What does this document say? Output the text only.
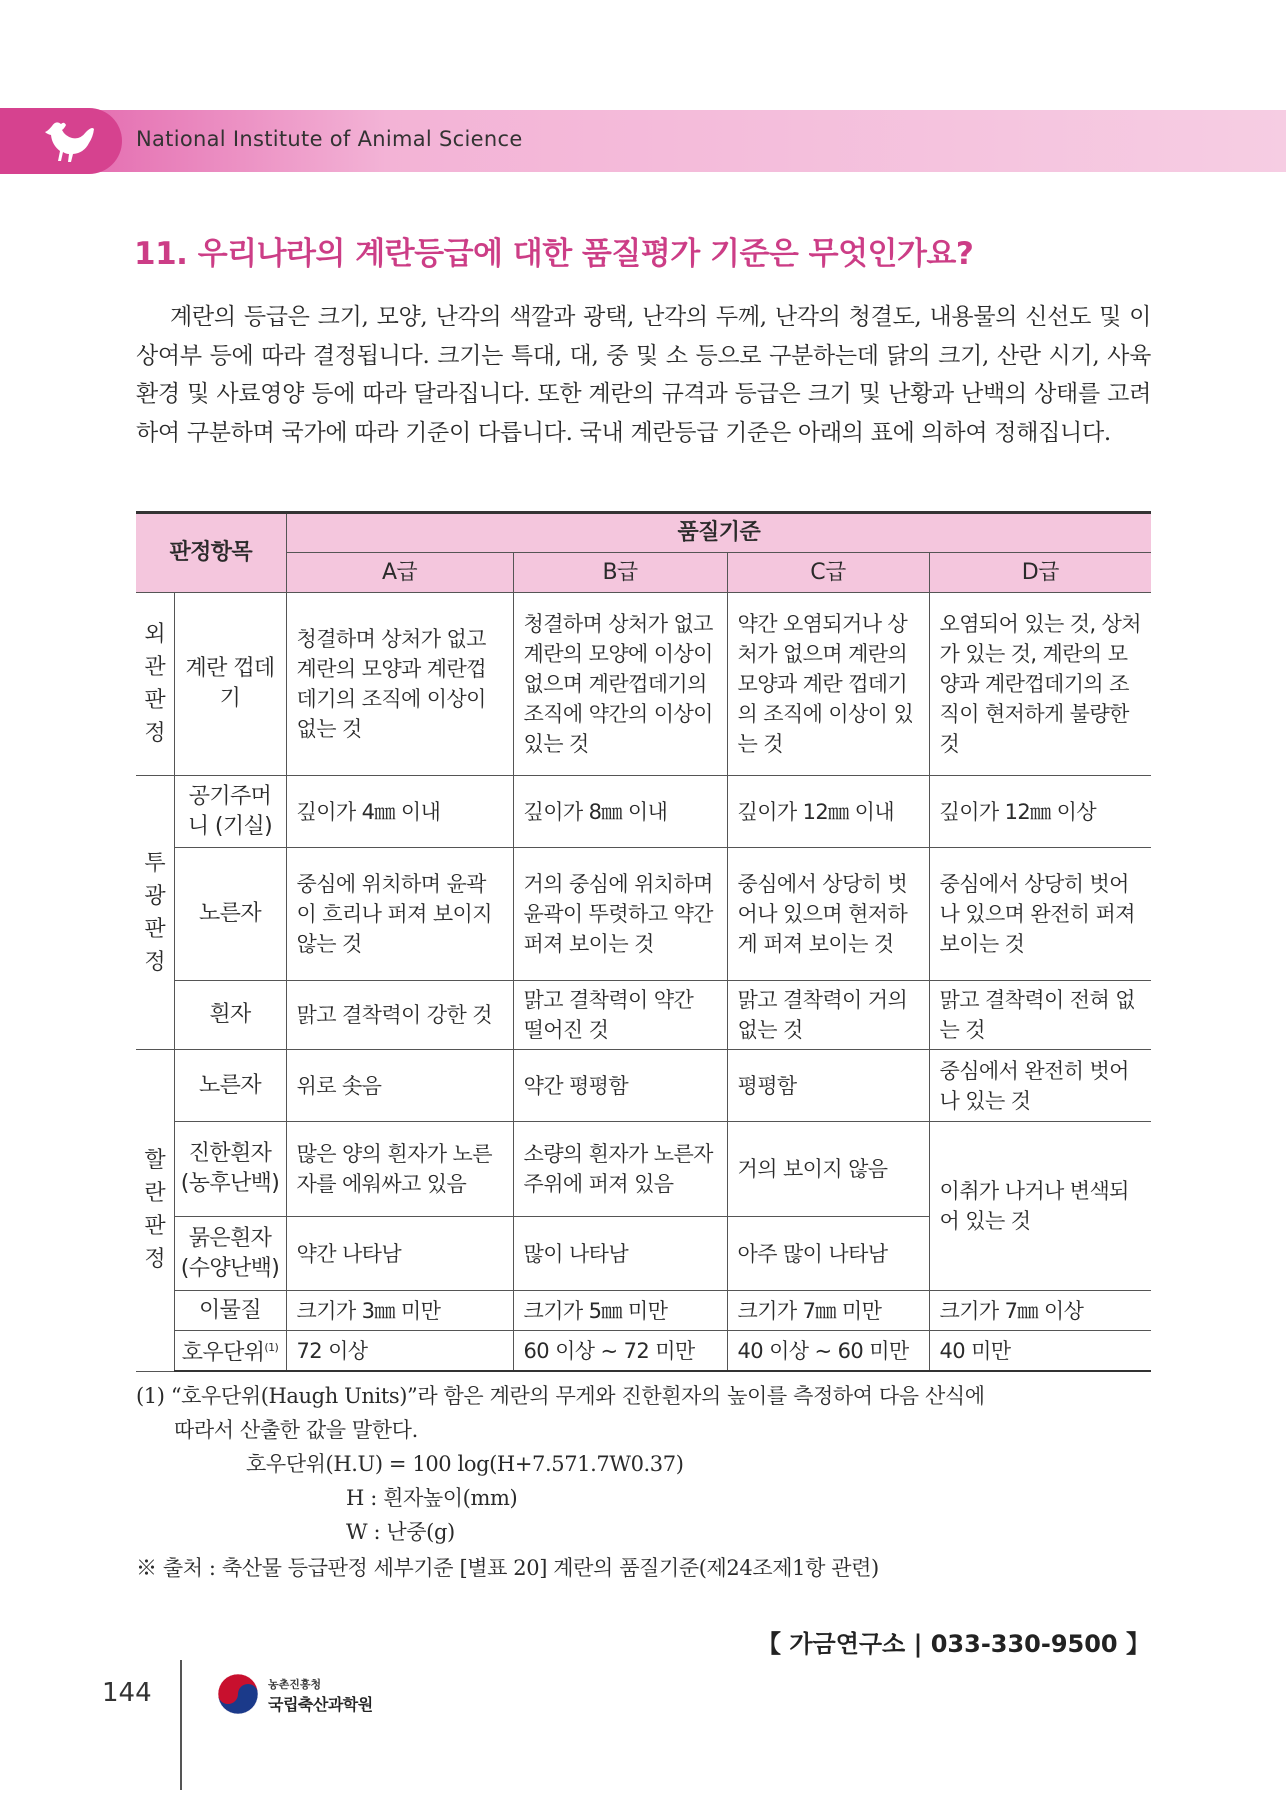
National Institute of Animal Science
11. 우리나라의 계란등급에 대한 품질평가 기준은 무엇인가요?

계란의 등급은 크기, 모양, 난각의 색깔과 광택, 난각의 두께, 난각의 청결도, 내용물의 신선도 및 이상여부 등에 따라 결정됩니다. 크기는 특대, 대, 중 및 소 등으로 구분하는데 닭의 크기, 산란 시기, 사육환경 및 사료영양 등에 따라 달라집니다. 또한 계란의 규격과 등급은 크기 및 난황과 난백의 상태를 고려하여 구분하며 국가에 따라 기준이 다릅니다. 국내 계란등급 기준은 아래의 표에 의하여 정해집니다.

판정항목		품질기준			
		A급	B급	C급	D급
외관판정	계란 껍데기	청결하며 상처가 없고 계란의 모양과 계란껍데기의 조직에 이상이 없는 것	청결하며 상처가 없고 계란의 모양에 이상이 없으며 계란껍데기의 조직에 약간의 이상이 있는 것	약간 오염되거나 상처가 없으며 계란의 모양과 계란 껍데기의 조직에 이상이 있는 것	오염되어 있는 것, 상처가 있는 것, 계란의 모양과 계란껍데기의 조직이 현저하게 불량한 것
투광판정	공기주머니 (기실)	깊이가 4㎜ 이내	깊이가 8㎜ 이내	깊이가 12㎜ 이내	깊이가 12㎜ 이상
	노른자	중심에 위치하며 윤곽이 흐리나 퍼져 보이지 않는 것	거의 중심에 위치하며 윤곽이 뚜렷하고 약간 퍼져 보이는 것	중심에서 상당히 벗어나 있으며 현저하게 퍼져 보이는 것	중심에서 상당히 벗어나 있으며 완전히 퍼져 보이는 것
	흰자	맑고 결착력이 강한 것	맑고 결착력이 약간 떨어진 것	맑고 결착력이 거의 없는 것	맑고 결착력이 전혀 없는 것
할란판정	노른자	위로 솟음	약간 평평함	평평함	중심에서 완전히 벗어나 있는 것
	진한흰자 (농후난백)	많은 양의 흰자가 노른자를 에워싸고 있음	소량의 흰자가 노른자 주위에 퍼져 있음	거의 보이지 않음	이취가 나거나 변색되어 있는 것
	묽은흰자 (수양난백)	약간 나타남	많이 나타남	아주 많이 나타남	
	이물질	크기가 3㎜ 미만	크기가 5㎜ 미만	크기가 7㎜ 미만	크기가 7㎜ 이상
	호우단위$^{(1)}$	72 이상	60 이상 ∼ 72 미만	40 이상 ∼ 60 미만	40 미만
(1) “호우단위(Haugh Units)”라 함은 계란의 무게와 진한흰자의 높이를 측정하여 다음 산식에
따라서 산출한 값을 말한다.
호우단위(H.U) = 100 log(H+7.571.7W0.37)
H : 흰자높이(mm)
W : 난중(g)
※ 출처 : 축산물 등급판정 세부기준 [별표 20] 계란의 품질기준(제24조제1항 관련)
【 가금연구소 | 033-330-9500 】
144	농촌진흥청
국립축산과학원
